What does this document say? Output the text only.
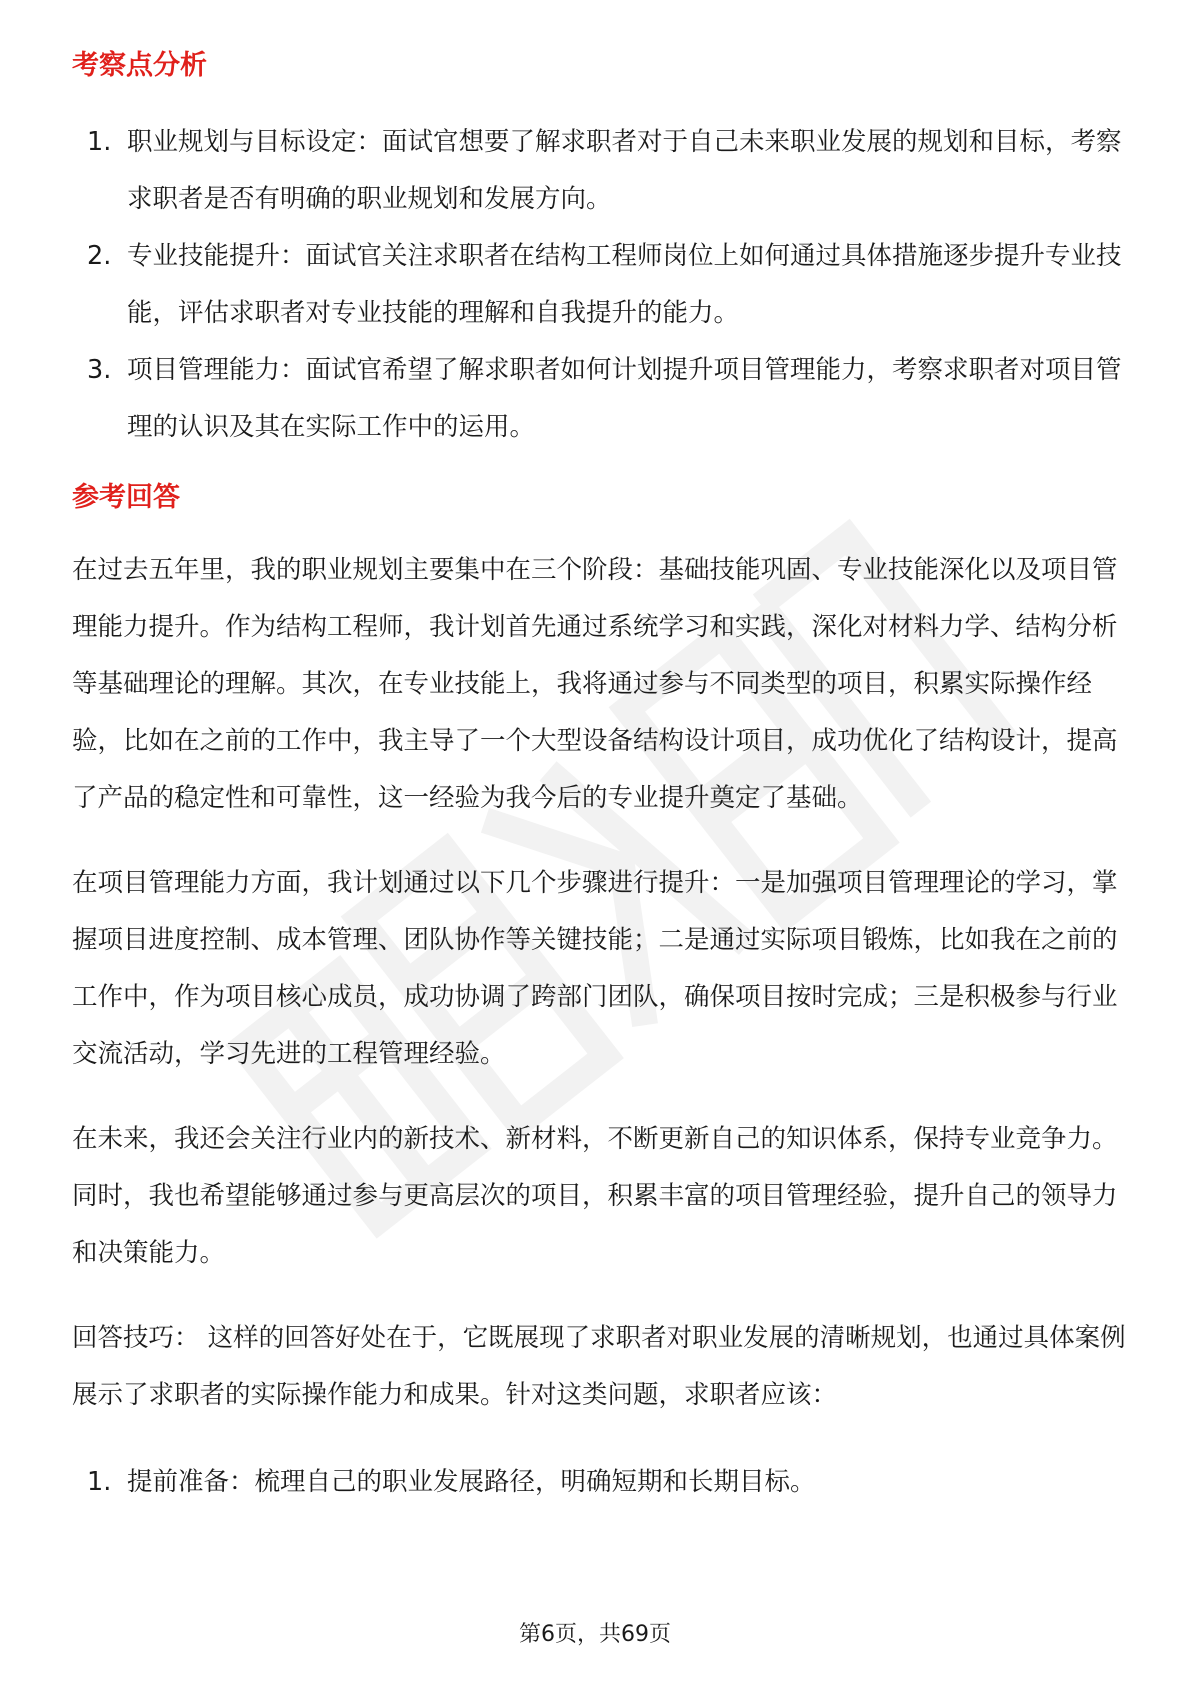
考察点分析
1. 职业规划与目标设定：面试官想要了解求职者对于自己未来职业发展的规划和目标，考察求职者是否有明确的职业规划和发展方向。
2. 专业技能提升：面试官关注求职者在结构工程师岗位上如何通过具体措施逐步提升专业技能，评估求职者对专业技能的理解和自我提升的能力。
3. 项目管理能力：面试官希望了解求职者如何计划提升项目管理能力，考察求职者对项目管理的认识及其在实际工作中的运用。
参考回答

在过去五年里，我的职业规划主要集中在三个阶段：基础技能巩固、专业技能深化以及项目管理能力提升。作为结构工程师，我计划首先通过系统学习和实践，深化对材料力学、结构分析等基础理论的理解。其次，在专业技能上，我将通过参与不同类型的项目，积累实际操作经验，比如在之前的工作中，我主导了一个大型设备结构设计项目，成功优化了结构设计，提高了产品的稳定性和可靠性，这一经验为我今后的专业提升奠定了基础。

在项目管理能力方面，我计划通过以下几个步骤进行提升：一是加强项目管理理论的学习，掌握项目进度控制、成本管理、团队协作等关键技能；二是通过实际项目锻炼，比如我在之前的工作中，作为项目核心成员，成功协调了跨部门团队，确保项目按时完成；三是积极参与行业交流活动，学习先进的工程管理经验。

在未来，我还会关注行业内的新技术、新材料，不断更新自己的知识体系，保持专业竞争力。同时，我也希望能够通过参与更高层次的项目，积累丰富的项目管理经验，提升自己的领导力和决策能力。

回答技巧： 这样的回答好处在于，它既展现了求职者对职业发展的清晰规划，也通过具体案例展示了求职者的实际操作能力和成果。针对这类问题，求职者应该：

1. 提前准备：梳理自己的职业发展路径，明确短期和长期目标。
第6页，共69页
